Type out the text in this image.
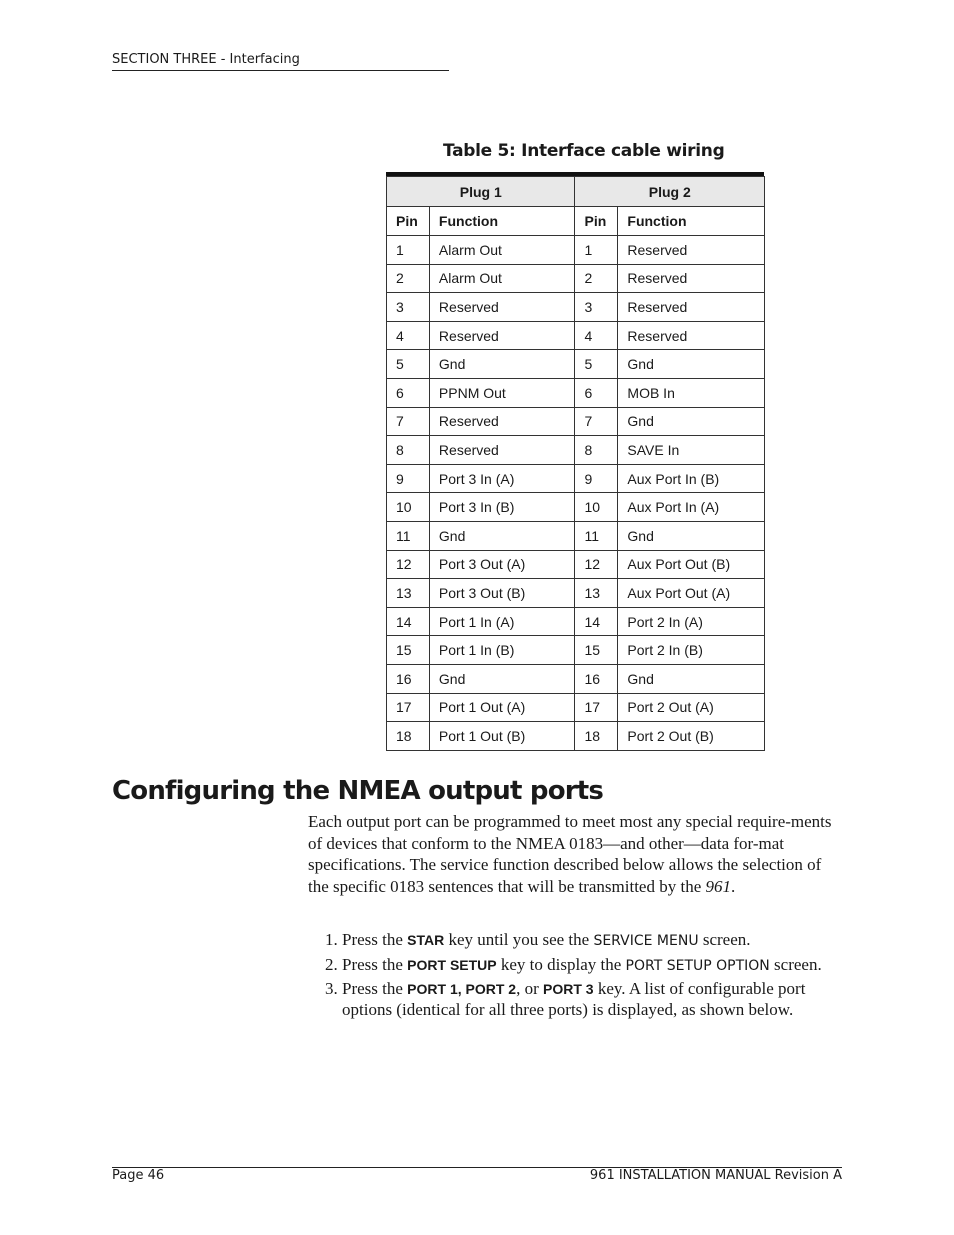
SECTION THREE - Interfacing
Table 5: Interface cable wiring
Plug 1		Plug 2	
Pin	Function	Pin	Function
1	Alarm Out	1	Reserved
2	Alarm Out	2	Reserved
3	Reserved	3	Reserved
4	Reserved	4	Reserved
5	Gnd	5	Gnd
6	PPNM Out	6	MOB In
7	Reserved	7	Gnd
8	Reserved	8	SAVE In
9	Port 3 In (A)	9	Aux Port In (B)
10	Port 3 In (B)	10	Aux Port In (A)
11	Gnd	11	Gnd
12	Port 3 Out (A)	12	Aux Port Out (B)
13	Port 3 Out (B)	13	Aux Port Out (A)
14	Port 1 In (A)	14	Port 2 In (A)
15	Port 1 In (B)	15	Port 2 In (B)
16	Gnd	16	Gnd
17	Port 1 Out (A)	17	Port 2 Out (A)
18	Port 1 Out (B)	18	Port 2 Out (B)
Configuring the NMEA output ports
Each output port can be programmed to meet most any special require-ments of devices that conform to the NMEA 0183—and other—data for-mat specifications. The service function described below allows the selection of the specific 0183 sentences that will be transmitted by the 961.
1. Press the STAR key until you see the SERVICE MENU screen.
2. Press the PORT SETUP key to display the PORT SETUP OPTION screen.
3. Press the PORT 1, PORT 2, or PORT 3 key. A list of configurable port options (identical for all three ports) is displayed, as shown below.
Page 46	961 INSTALLATION MANUAL Revision A
